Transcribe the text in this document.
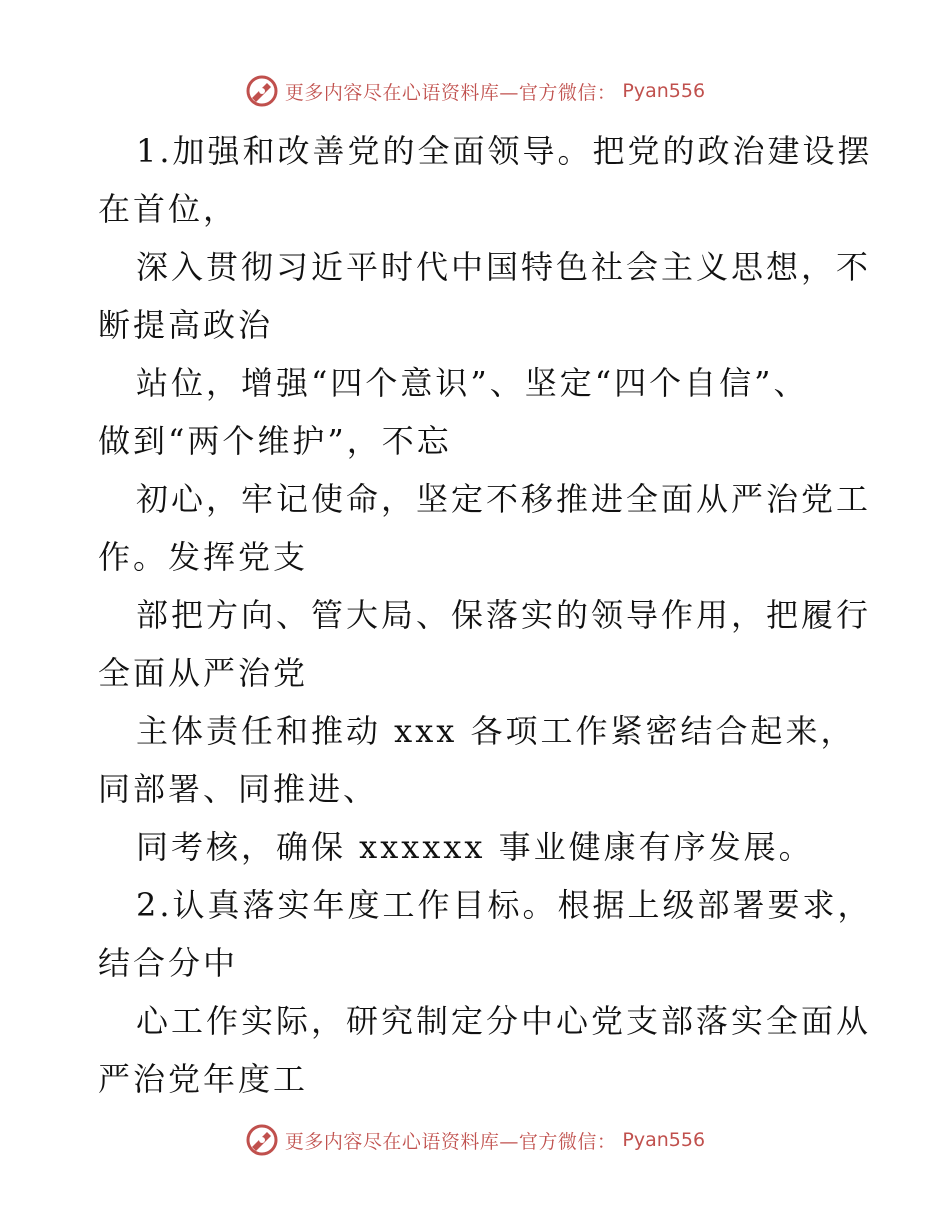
更多内容尽在心语资料库—官方微信： Pyan556
1.加强和改善党的全面领导。把党的政治建设摆
在首位，
深入贯彻习近平时代中国特色社会主义思想，不
断提高政治
站位，增强“四个意识”、坚定“四个自信”、
做到“两个维护”，不忘
初心，牢记使命，坚定不移推进全面从严治党工
作。发挥党支
部把方向、管大局、保落实的领导作用，把履行
全面从严治党
主体责任和推动 xxx 各项工作紧密结合起来，
同部署、同推进、
同考核，确保 xxxxxx 事业健康有序发展。
2.认真落实年度工作目标。根据上级部署要求，
结合分中
心工作实际，研究制定分中心党支部落实全面从
严治党年度工
更多内容尽在心语资料库—官方微信： Pyan556
